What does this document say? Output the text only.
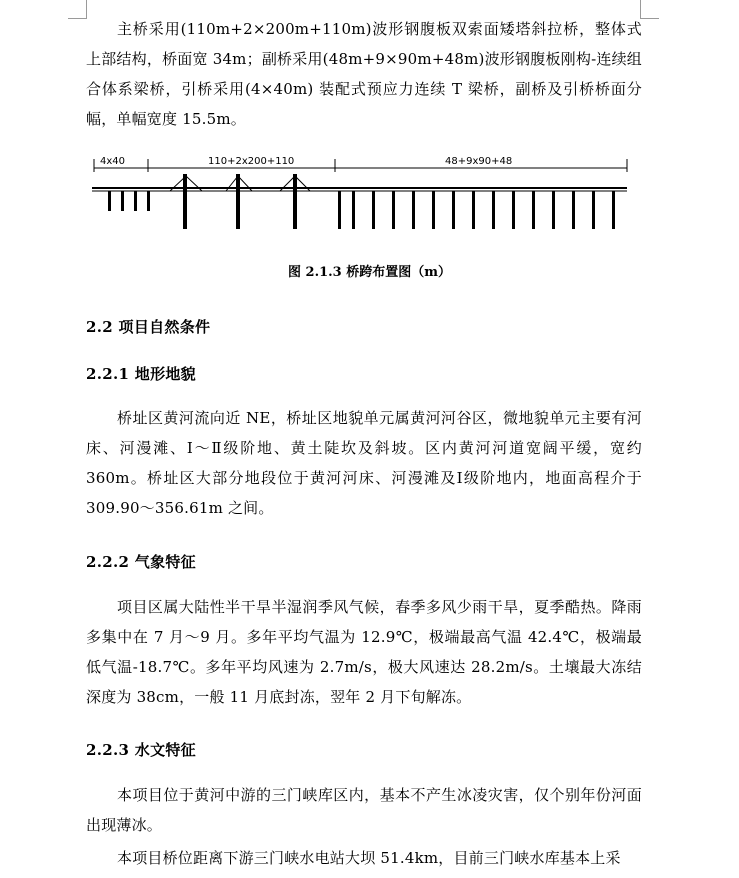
主桥采用(110m+2×200m+110m)波形钢腹板双索面矮塔斜拉桥，整体式上部结构，桥面宽 34m；副桥采用(48m+9×90m+48m)波形钢腹板刚构-连续组合体系梁桥，引桥采用(4×40m) 装配式预应力连续 T 梁桥，副桥及引桥桥面分幅，单幅宽度 15.5m。

4x40	110+2x200+110	48+9x90+48
图 2.1.3 桥跨布置图（m）

2.2 项目自然条件

2.2.1 地形地貌

桥址区黄河流向近 NE，桥址区地貌单元属黄河河谷区，微地貌单元主要有河床、河漫滩、Ⅰ～Ⅱ级阶地、黄土陡坎及斜坡。区内黄河河道宽阔平缓，宽约 360m。桥址区大部分地段位于黄河河床、河漫滩及Ⅰ级阶地内，地面高程介于 309.90～356.61m 之间。

2.2.2 气象特征

项目区属大陆性半干旱半湿润季风气候，春季多风少雨干旱，夏季酷热。降雨多集中在 7 月～9 月。多年平均气温为 12.9℃，极端最高气温 42.4℃，极端最低气温-18.7℃。多年平均风速为 2.7m/s，极大风速达 28.2m/s。土壤最大冻结深度为 38cm，一般 11 月底封冻，翌年 2 月下旬解冻。

2.2.3 水文特征

本项目位于黄河中游的三门峡库区内，基本不产生冰凌灾害，仅个别年份河面出现薄冰。

本项目桥位距离下游三门峡水电站大坝 51.4km，目前三门峡水库基本上采
